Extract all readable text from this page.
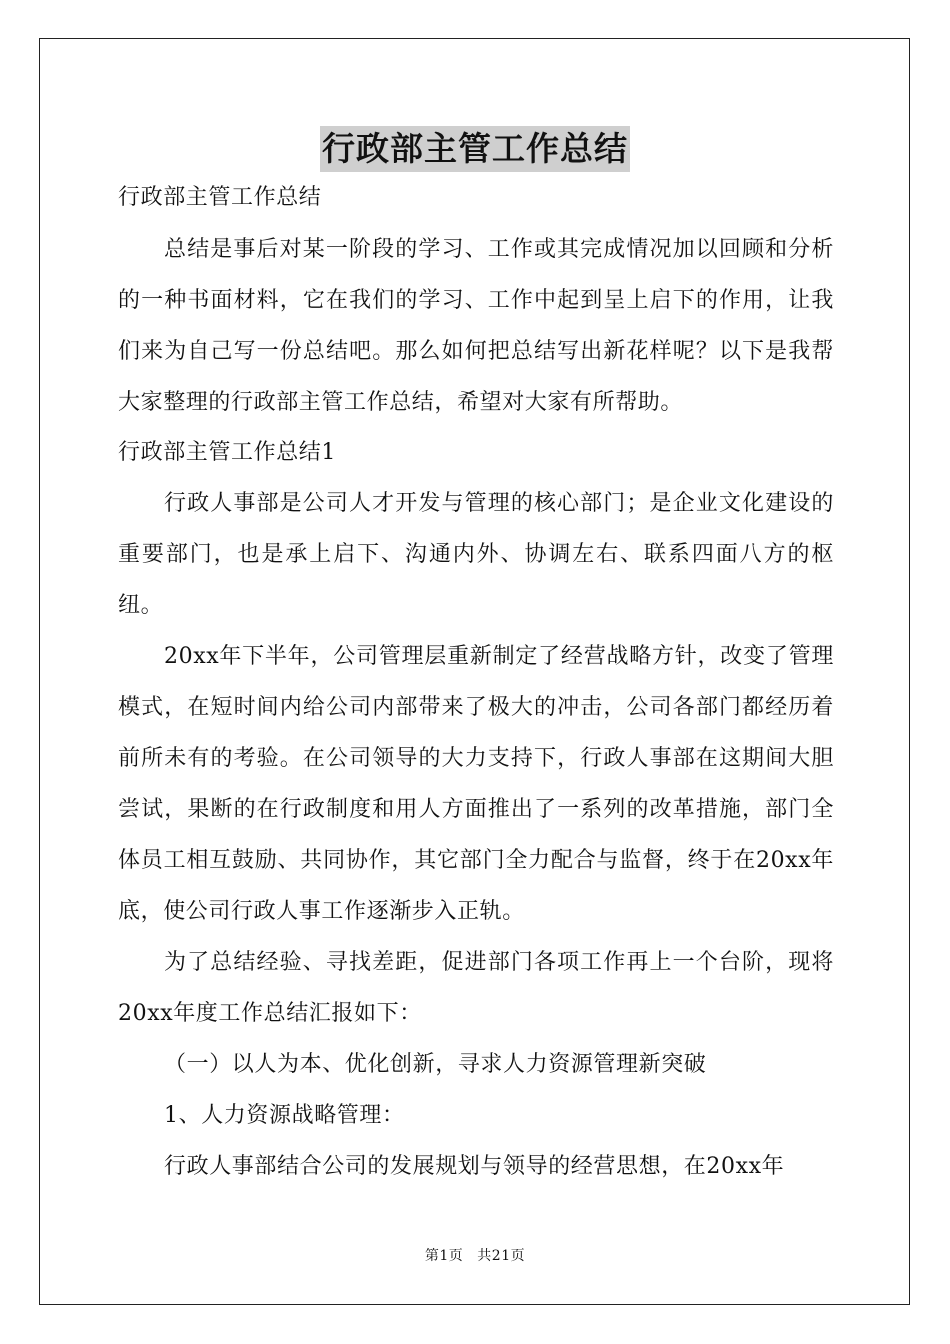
行政部主管工作总结
行政部主管工作总结

总结是事后对某一阶段的学习、工作或其完成情况加以回顾和分析的一种书面材料，它在我们的学习、工作中起到呈上启下的作用，让我们来为自己写一份总结吧。那么如何把总结写出新花样呢？以下是我帮大家整理的行政部主管工作总结，希望对大家有所帮助。

行政部主管工作总结1

行政人事部是公司人才开发与管理的核心部门；是企业文化建设的重要部门，也是承上启下、沟通内外、协调左右、联系四面八方的枢纽。

20xx年下半年，公司管理层重新制定了经营战略方针，改变了管理模式，在短时间内给公司内部带来了极大的冲击，公司各部门都经历着前所未有的考验。在公司领导的大力支持下，行政人事部在这期间大胆尝试，果断的在行政制度和用人方面推出了一系列的改革措施，部门全体员工相互鼓励、共同协作，其它部门全力配合与监督，终于在20xx年底，使公司行政人事工作逐渐步入正轨。

为了总结经验、寻找差距，促进部门各项工作再上一个台阶，现将20xx年度工作总结汇报如下：

（一）以人为本、优化创新，寻求人力资源管理新突破

1、人力资源战略管理：

行政人事部结合公司的发展规划与领导的经营思想，在20xx年

第1页 共21页
